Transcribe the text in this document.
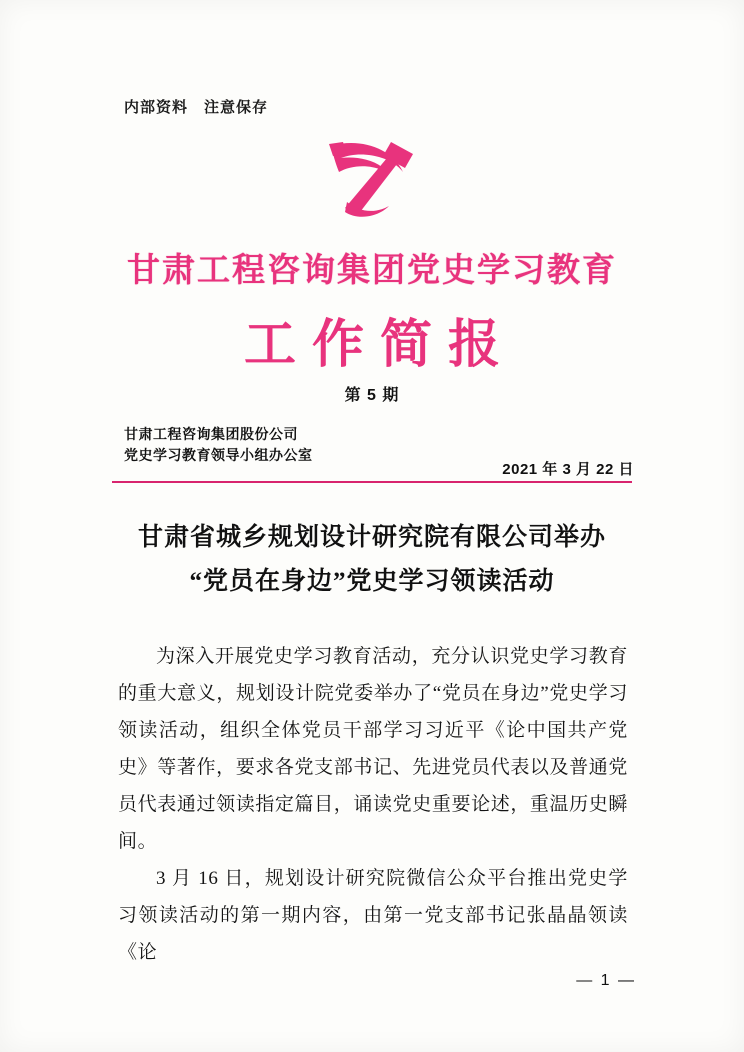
内部资料 注意保存
甘肃工程咨询集团党史学习教育
工作简报
第 5 期
甘肃工程咨询集团股份公司
党史学习教育领导小组办公室
2021 年 3 月 22 日
甘肃省城乡规划设计研究院有限公司举办
“党员在身边”党史学习领读活动

为深入开展党史学习教育活动，充分认识党史学习教育的重大意义，规划设计院党委举办了“党员在身边”党史学习领读活动，组织全体党员干部学习习近平《论中国共产党史》等著作，要求各党支部书记、先进党员代表以及普通党员代表通过领读指定篇目，诵读党史重要论述，重温历史瞬间。

3 月 16 日，规划设计研究院微信公众平台推出党史学习领读活动的第一期内容，由第一党支部书记张晶晶领读《论

— 1 —
